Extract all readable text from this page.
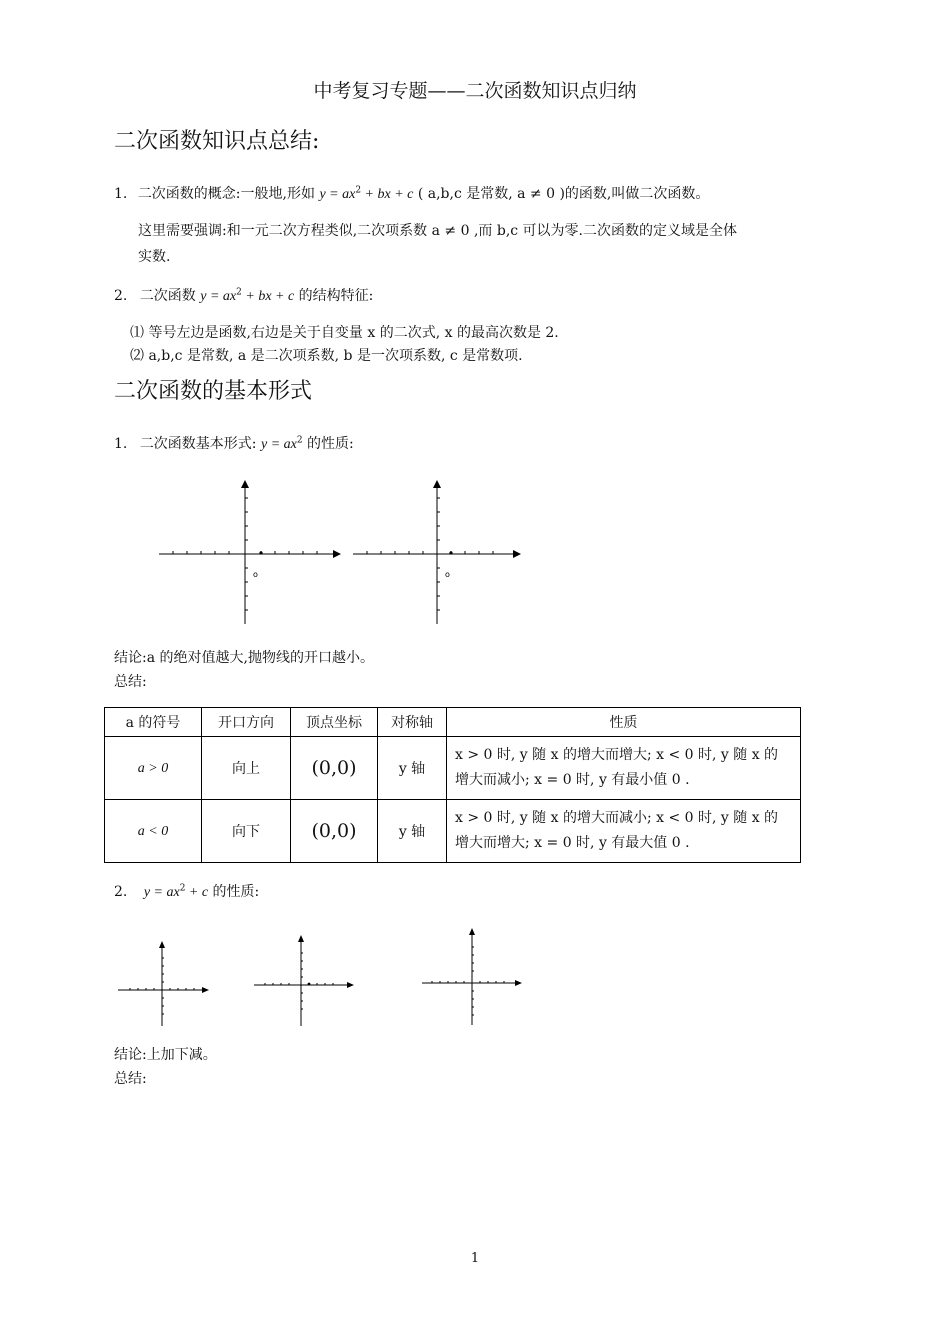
中考复习专题——二次函数知识点归纳
二次函数知识点总结:
1. 二次函数的概念:一般地,形如 $y = ax^2$ + bx + c ( a,b,c 是常数, a ≠ 0 )的函数,叫做二次函数。
这里需要强调:和一元二次方程类似,二次项系数 a ≠ 0 ,而 b,c 可以为零.二次函数的定义域是全体
实数.
2. 二次函数 $y = ax^2$ + bx + c 的结构特征:
⑴ 等号左边是函数,右边是关于自变量 x 的二次式, x 的最高次数是 2.
⑵ a,b,c 是常数, a 是二次项系数, b 是一次项系数, c 是常数项.
二次函数的基本形式
1. 二次函数基本形式: $y = ax^2$ 的性质:
o	o
结论:a 的绝对值越大,抛物线的开口越小。
总结:
a 的符号	开口方向	顶点坐标	对称轴	性质
a > 0	向上	(0,0)	y 轴	x > 0 时, y 随 x 的增大而增大; x < 0 时, y 随 x 的增大而减小; x = 0 时, y 有最小值 0 .
a < 0	向下	(0,0)	y 轴	x > 0 时, y 随 x 的增大而减小; x < 0 时, y 随 x 的增大而增大; x = 0 时, y 有最大值 0 .
2. $y = ax^2 + c$ 的性质:
结论:上加下减。
总结:
1
